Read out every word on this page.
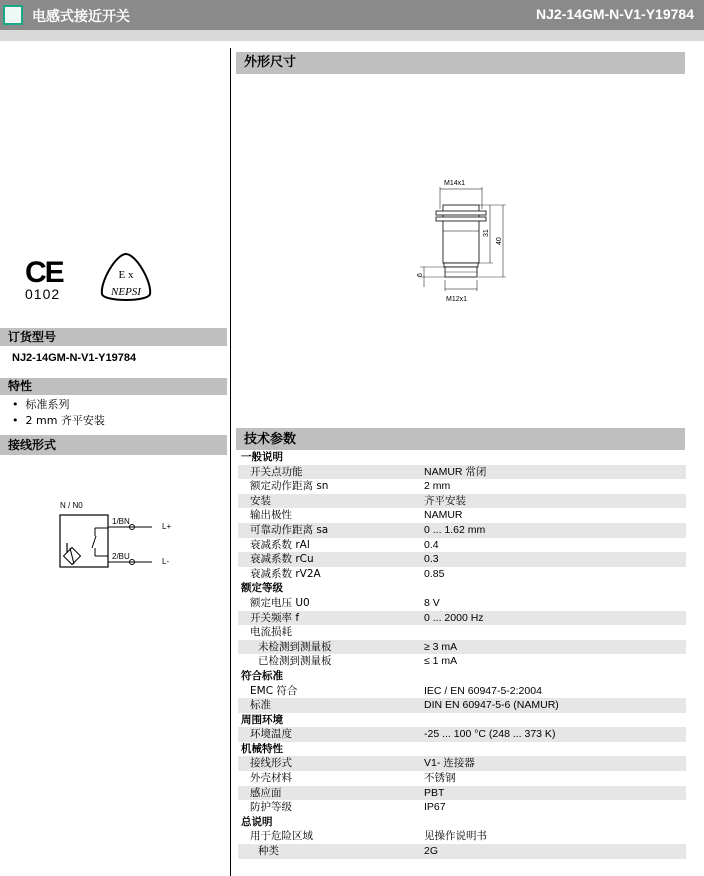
电感式接近开关	NJ2-14GM-N-V1-Y19784
CE
0102
E x
NEPSI
订货型号
NJ2-14GM-N-V1-Y19784
特性
•  标准系列
•  2 mm 齐平安装
接线形式
N / N0
1/BN
2/BU
L+
L-
外形尺寸
M14x1
31
40
6
M12x1
技术参数
一般说明
开关点功能	NAMUR 常闭
额定动作距离 sn	2 mm
安装	齐平安装
输出极性	NAMUR
可靠动作距离 sa	0 ... 1.62 mm
衰减系数 rAl	0.4
衰减系数 rCu	0.3
衰减系数 rV2A	0.85
额定等级
额定电压 U0	8 V
开关频率 f	0 ... 2000 Hz
电流损耗
未检测到测量板	≥ 3 mA
已检测到测量板	≤ 1 mA
符合标准
EMC 符合	IEC / EN 60947-5-2:2004
标准	DIN EN 60947-5-6 (NAMUR)
周围环境
环境温度	-25 ... 100 °C (248 ... 373 K)
机械特性
接线形式	V1- 连接器
外壳材料	不锈钢
感应面	PBT
防护等级	IP67
总说明
用于危险区域	见操作说明书
种类	2G
